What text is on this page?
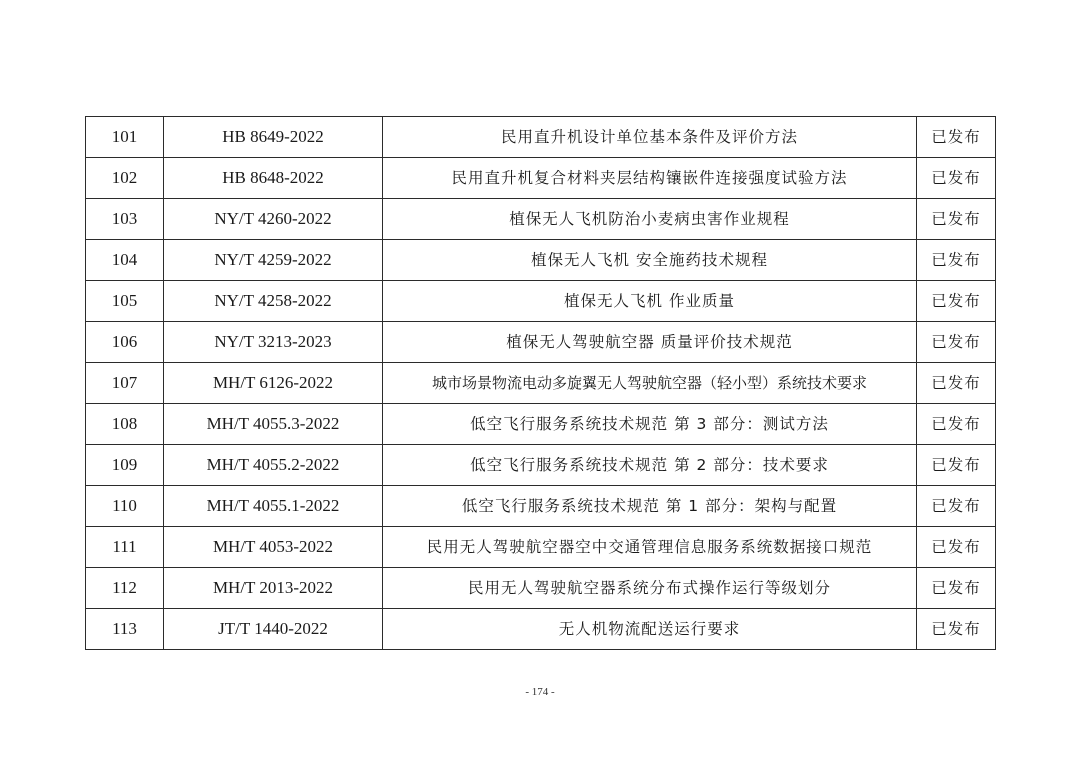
101	HB 8649-2022	民用直升机设计单位基本条件及评价方法	已发布
102	HB 8648-2022	民用直升机复合材料夹层结构镶嵌件连接强度试验方法	已发布
103	NY/T 4260-2022	植保无人飞机防治小麦病虫害作业规程	已发布
104	NY/T 4259-2022	植保无人飞机 安全施药技术规程	已发布
105	NY/T 4258-2022	植保无人飞机 作业质量	已发布
106	NY/T 3213-2023	植保无人驾驶航空器 质量评价技术规范	已发布
107	MH/T 6126-2022	城市场景物流电动多旋翼无人驾驶航空器（轻小型）系统技术要求	已发布
108	MH/T 4055.3-2022	低空飞行服务系统技术规范 第 3 部分：测试方法	已发布
109	MH/T 4055.2-2022	低空飞行服务系统技术规范 第 2 部分：技术要求	已发布
110	MH/T 4055.1-2022	低空飞行服务系统技术规范 第 1 部分：架构与配置	已发布
111	MH/T 4053-2022	民用无人驾驶航空器空中交通管理信息服务系统数据接口规范	已发布
112	MH/T 2013-2022	民用无人驾驶航空器系统分布式操作运行等级划分	已发布
113	JT/T 1440-2022	无人机物流配送运行要求	已发布
- 174 -
